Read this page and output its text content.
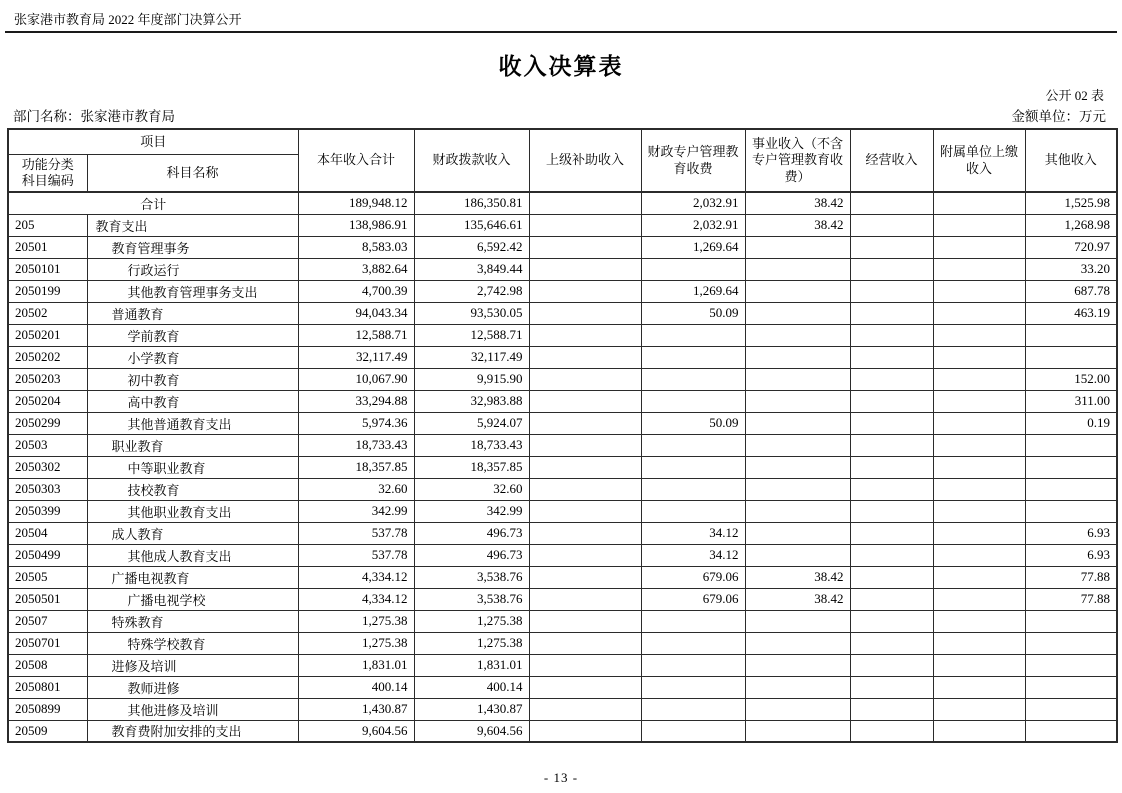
张家港市教育局 2022 年度部门决算公开
收入决算表
公开 02 表
部门名称：张家港市教育局	金额单位：万元
项目		本年收入合计	财政拨款收入	上级补助收入	财政专户管理教育收费	事业收入（不含专户管理教育收费）	经营收入	附属单位上缴收入	其他收入

功能分类
科目编码	科目名称								
合计		189,948.12	186,350.81		2,032.91	38.42			1,525.98
205	教育支出	138,986.91	135,646.61		2,032.91	38.42			1,268.98
20501	教育管理事务	8,583.03	6,592.42		1,269.64				720.97
2050101	行政运行	3,882.64	3,849.44						33.20
2050199	其他教育管理事务支出	4,700.39	2,742.98		1,269.64				687.78
20502	普通教育	94,043.34	93,530.05		50.09				463.19
2050201	学前教育	12,588.71	12,588.71						
2050202	小学教育	32,117.49	32,117.49						
2050203	初中教育	10,067.90	9,915.90						152.00
2050204	高中教育	33,294.88	32,983.88						311.00
2050299	其他普通教育支出	5,974.36	5,924.07		50.09				0.19
20503	职业教育	18,733.43	18,733.43						
2050302	中等职业教育	18,357.85	18,357.85						
2050303	技校教育	32.60	32.60						
2050399	其他职业教育支出	342.99	342.99						
20504	成人教育	537.78	496.73		34.12				6.93
2050499	其他成人教育支出	537.78	496.73		34.12				6.93
20505	广播电视教育	4,334.12	3,538.76		679.06	38.42			77.88
2050501	广播电视学校	4,334.12	3,538.76		679.06	38.42			77.88
20507	特殊教育	1,275.38	1,275.38						
2050701	特殊学校教育	1,275.38	1,275.38						
20508	进修及培训	1,831.01	1,831.01						
2050801	教师进修	400.14	400.14						
2050899	其他进修及培训	1,430.87	1,430.87						
20509	教育费附加安排的支出	9,604.56	9,604.56						
- 13 -
